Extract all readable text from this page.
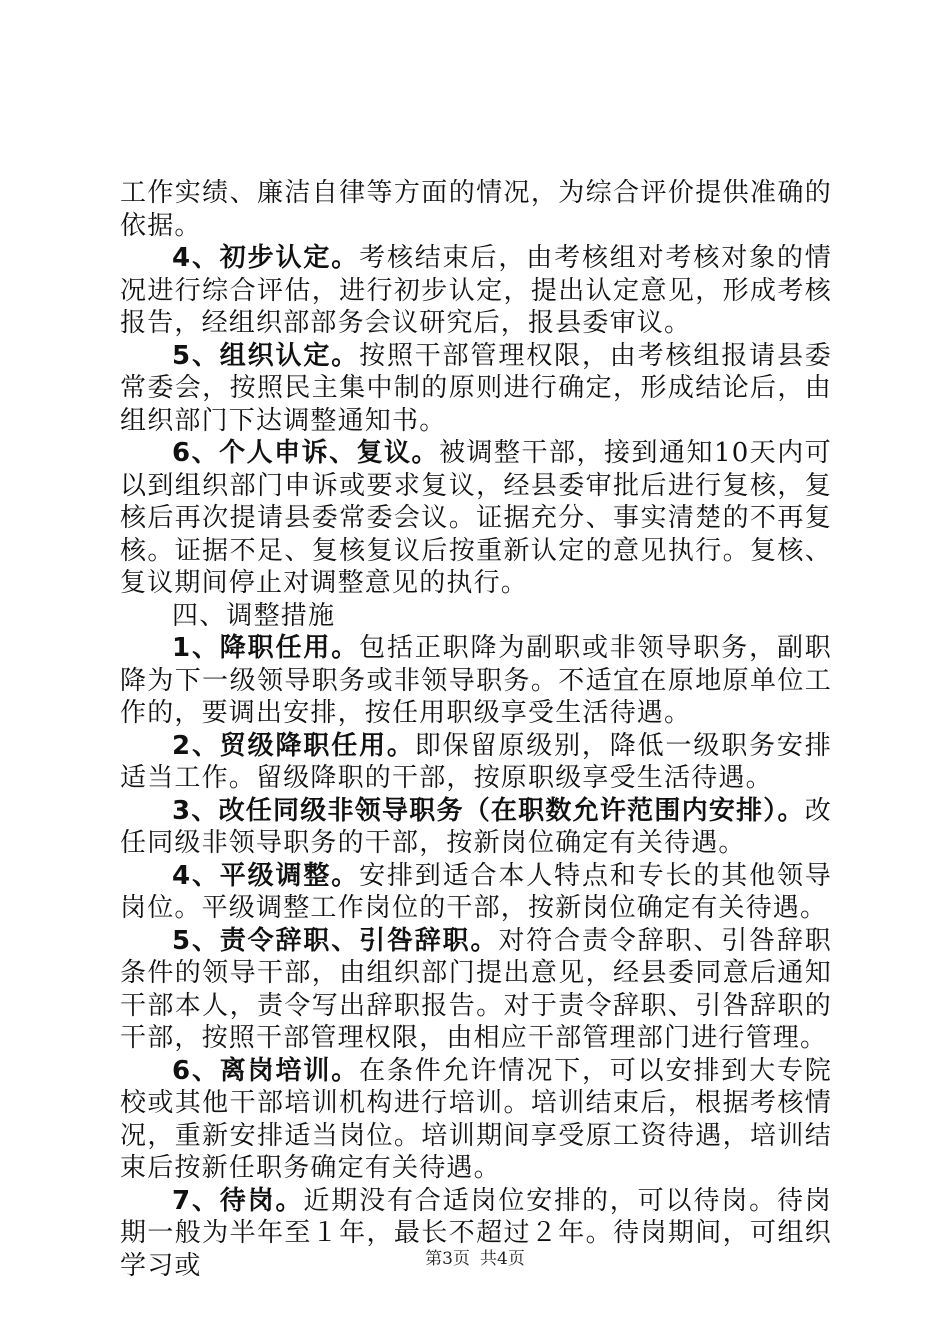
工作实绩、廉洁自律等方面的情况，为综合评价提供准确的依据。

4、初步认定。考核结束后，由考核组对考核对象的情况进行综合评估，进行初步认定，提出认定意见，形成考核报告，经组织部部务会议研究后，报县委审议。

5、组织认定。按照干部管理权限，由考核组报请县委常委会，按照民主集中制的原则进行确定，形成结论后，由组织部门下达调整通知书。

6、个人申诉、复议。被调整干部，接到通知10天内可以到组织部门申诉或要求复议，经县委审批后进行复核，复核后再次提请县委常委会议。证据充分、事实清楚的不再复核。证据不足、复核复议后按重新认定的意见执行。复核、复议期间停止对调整意见的执行。

四、调整措施

1、降职任用。包括正职降为副职或非领导职务，副职降为下一级领导职务或非领导职务。不适宜在原地原单位工作的，要调出安排，按任用职级享受生活待遇。

2、贸级降职任用。即保留原级别，降低一级职务安排适当工作。留级降职的干部，按原职级享受生活待遇。

3、改任同级非领导职务（在职数允许范围内安排）。改任同级非领导职务的干部，按新岗位确定有关待遇。

4、平级调整。安排到适合本人特点和专长的其他领导岗位。平级调整工作岗位的干部，按新岗位确定有关待遇。

5、责令辞职、引咎辞职。对符合责令辞职、引咎辞职条件的领导干部，由组织部门提出意见，经县委同意后通知干部本人，责令写出辞职报告。对于责令辞职、引咎辞职的干部，按照干部管理权限，由相应干部管理部门进行管理。

6、离岗培训。在条件允许情况下，可以安排到大专院校或其他干部培训机构进行培训。培训结束后，根据考核情况，重新安排适当岗位。培训期间享受原工资待遇，培训结束后按新任职务确定有关待遇。

7、待岗。近期没有合适岗位安排的，可以待岗。待岗期一般为半年至１年，最长不超过２年。待岗期间，可组织学习或	第3页 共4页
